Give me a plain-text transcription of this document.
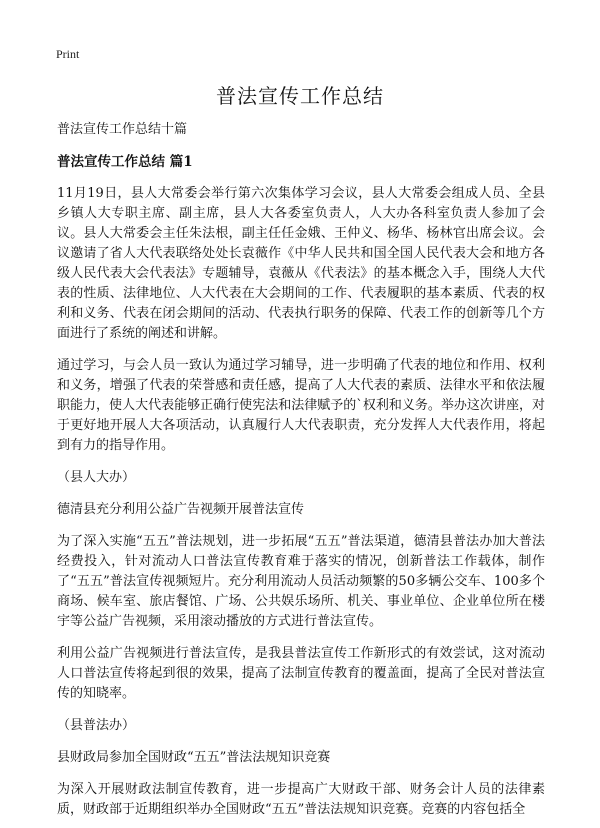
Print
普法宣传工作总结
普法宣传工作总结十篇
普法宣传工作总结 篇1

11月19日，县人大常委会举行第六次集体学习会议，县人大常委会组成人员、全县乡镇人大专职主席、副主席，县人大各委室负责人，人大办各科室负责人参加了会议。县人大常委会主任朱法根，副主任任金娥、王仲义、杨华、杨林官出席会议。会议邀请了省人大代表联络处处长袁薇作《中华人民共和国全国人民代表大会和地方各级人民代表大会代表法》专题辅导，袁薇从《代表法》的基本概念入手，围绕人大代表的性质、法律地位、人大代表在大会期间的工作、代表履职的基本素质、代表的权利和义务、代表在闭会期间的活动、代表执行职务的保障、代表工作的创新等几个方面进行了系统的阐述和讲解。

通过学习，与会人员一致认为通过学习辅导，进一步明确了代表的地位和作用、权利和义务，增强了代表的荣誉感和责任感，提高了人大代表的素质、法律水平和依法履职能力，使人大代表能够正确行使宪法和法律赋予的`权利和义务。举办这次讲座，对于更好地开展人大各项活动，认真履行人大代表职责，充分发挥人大代表作用，将起到有力的指导作用。

（县人大办）

德清县充分利用公益广告视频开展普法宣传

为了深入实施“五五”普法规划，进一步拓展“五五”普法渠道，德清县普法办加大普法经费投入，针对流动人口普法宣传教育难于落实的情况，创新普法工作载体，制作了“五五”普法宣传视频短片。充分利用流动人员活动频繁的50多辆公交车、100多个商场、候车室、旅店餐馆、广场、公共娱乐场所、机关、事业单位、企业单位所在楼宇等公益广告视频，采用滚动播放的方式进行普法宣传。

利用公益广告视频进行普法宣传，是我县普法宣传工作新形式的有效尝试，这对流动人口普法宣传将起到很的效果，提高了法制宣传教育的覆盖面，提高了全民对普法宣传的知晓率。

（县普法办）

县财政局参加全国财政“五五”普法法规知识竞赛

为深入开展财政法制宣传教育，进一步提高广大财政干部、财务会计人员的法律素质，财政部于近期组织举办全国财政“五五”普法法规知识竞赛。竞赛的内容包括全
